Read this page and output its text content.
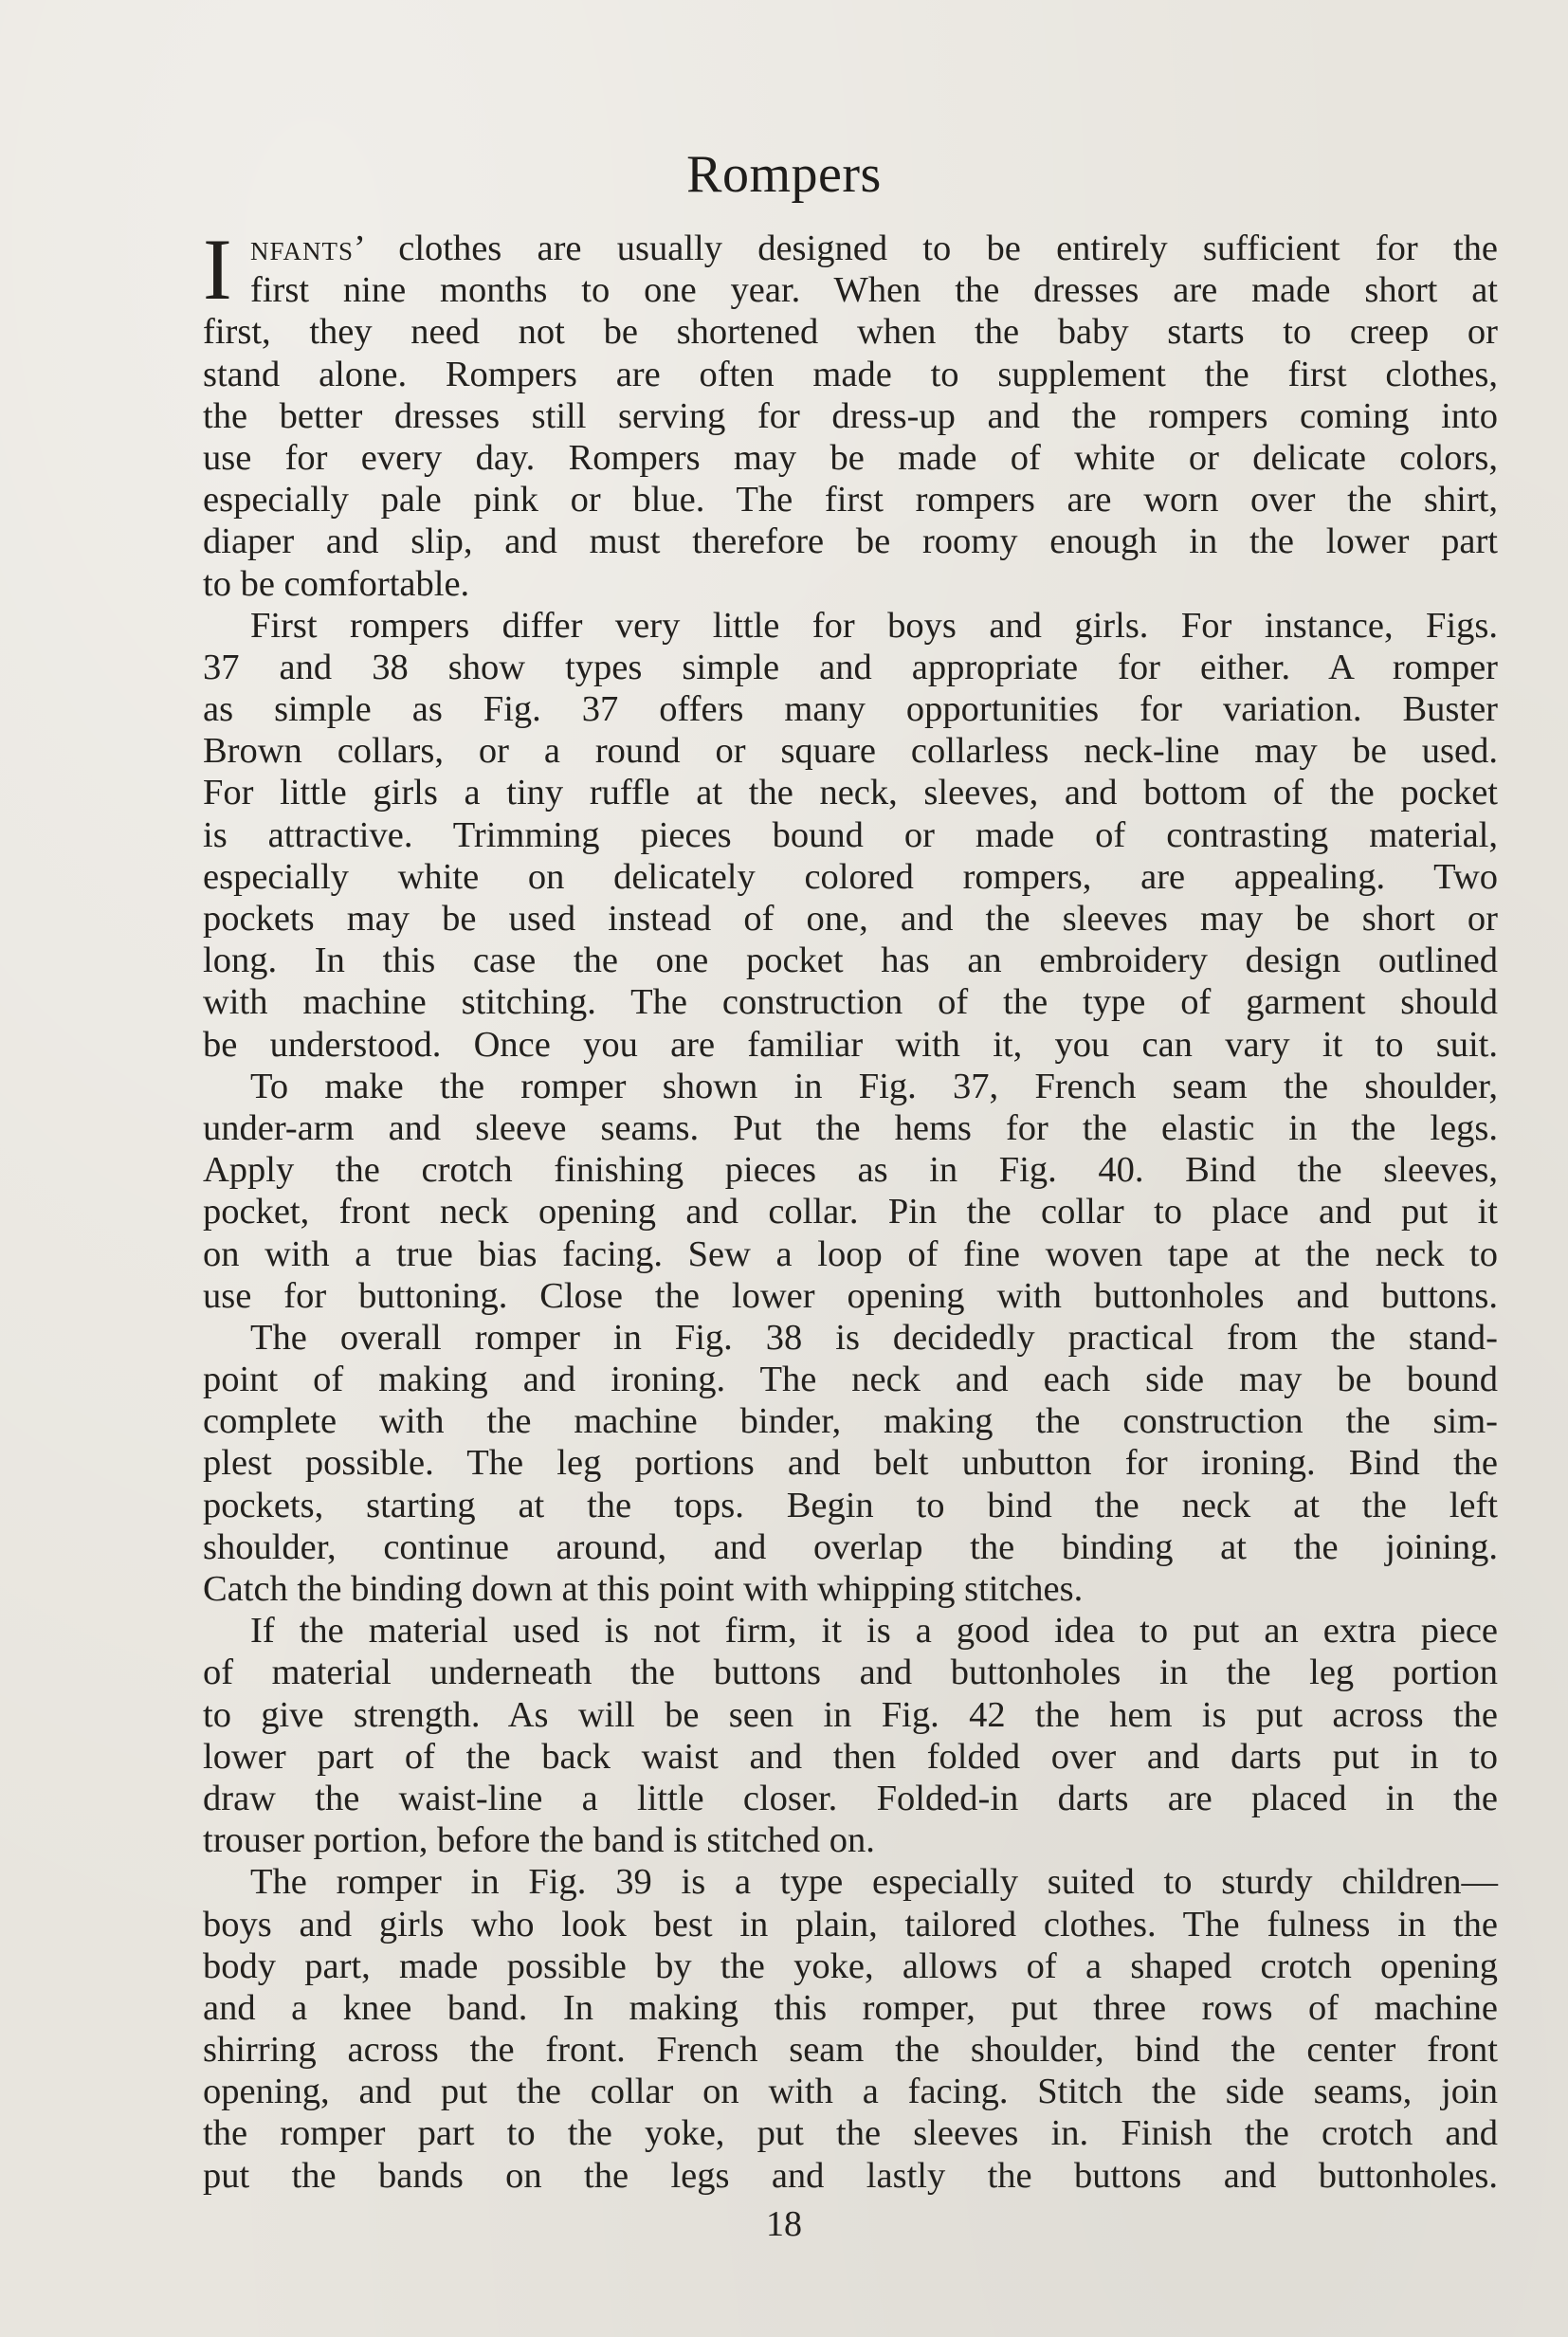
Rompers
I nfants’ clothes are usually designed to be entirely sufficient for the
first nine months to one year. When the dresses are made short at
first, they need not be shortened when the baby starts to creep or
stand alone. Rompers are often made to supplement the first clothes,
the better dresses still serving for dress-up and the rompers coming into
use for every day. Rompers may be made of white or delicate colors,
especially pale pink or blue. The first rompers are worn over the shirt,
diaper and slip, and must therefore be roomy enough in the lower part
to be comfortable.
First rompers differ very little for boys and girls. For instance, Figs.
37 and 38 show types simple and appropriate for either. A romper
as simple as Fig. 37 offers many opportunities for variation. Buster
Brown collars, or a round or square collarless neck-line may be used.
For little girls a tiny ruffle at the neck, sleeves, and bottom of the pocket
is attractive. Trimming pieces bound or made of contrasting material,
especially white on delicately colored rompers, are appealing. Two
pockets may be used instead of one, and the sleeves may be short or
long. In this case the one pocket has an embroidery design outlined
with machine stitching. The construction of the type of garment should
be understood. Once you are familiar with it, you can vary it to suit.
To make the romper shown in Fig. 37, French seam the shoulder,
under-arm and sleeve seams. Put the hems for the elastic in the legs.
Apply the crotch finishing pieces as in Fig. 40. Bind the sleeves,
pocket, front neck opening and collar. Pin the collar to place and put it
on with a true bias facing. Sew a loop of fine woven tape at the neck to
use for buttoning. Close the lower opening with buttonholes and buttons.
The overall romper in Fig. 38 is decidedly practical from the stand-
point of making and ironing. The neck and each side may be bound
complete with the machine binder, making the construction the sim-
plest possible. The leg portions and belt unbutton for ironing. Bind the
pockets, starting at the tops. Begin to bind the neck at the left
shoulder, continue around, and overlap the binding at the joining.
Catch the binding down at this point with whipping stitches.
If the material used is not firm, it is a good idea to put an extra piece
of material underneath the buttons and buttonholes in the leg portion
to give strength. As will be seen in Fig. 42 the hem is put across the
lower part of the back waist and then folded over and darts put in to
draw the waist-line a little closer. Folded-in darts are placed in the
trouser portion, before the band is stitched on.
The romper in Fig. 39 is a type especially suited to sturdy children—
boys and girls who look best in plain, tailored clothes. The fulness in the
body part, made possible by the yoke, allows of a shaped crotch opening
and a knee band. In making this romper, put three rows of machine
shirring across the front. French seam the shoulder, bind the center front
opening, and put the collar on with a facing. Stitch the side seams, join
the romper part to the yoke, put the sleeves in. Finish the crotch and
put the bands on the legs and lastly the buttons and buttonholes.
18
